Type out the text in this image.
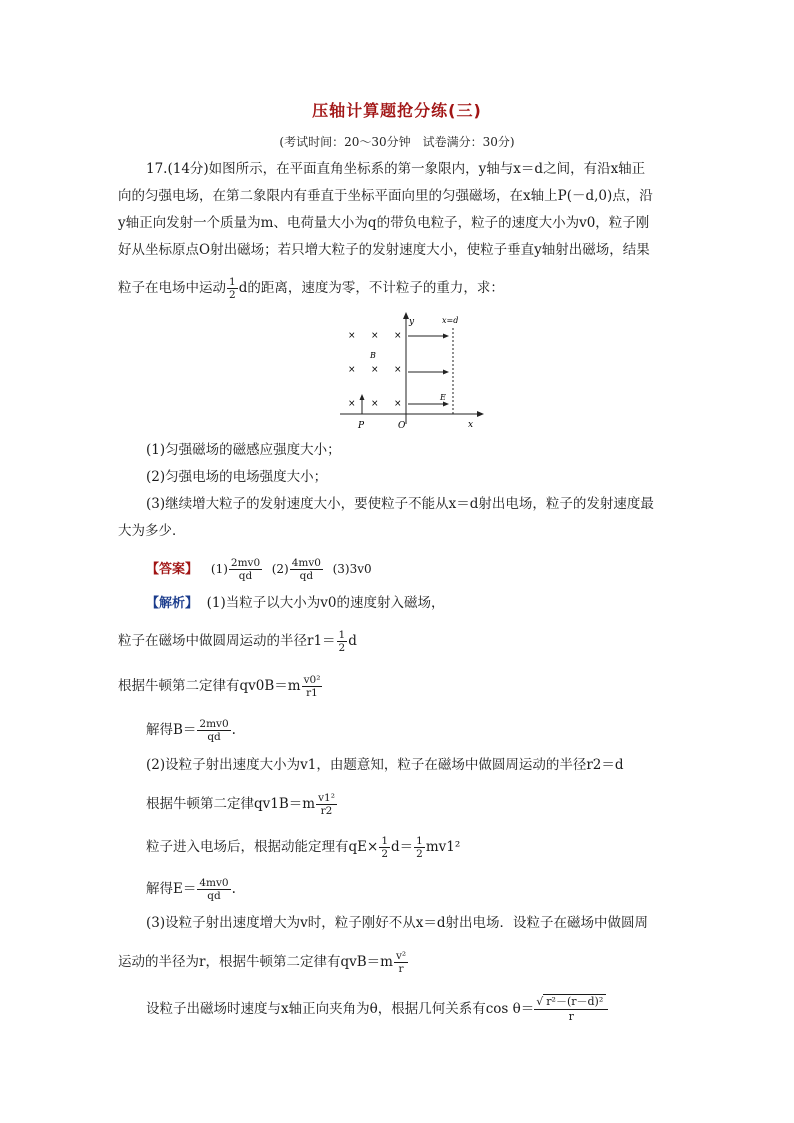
压轴计算题抢分练(三)
(考试时间：20～30分钟　试卷满分：30分)
17.(14分)如图所示，在平面直角坐标系的第一象限内，y轴与x＝d之间，有沿x轴正
向的匀强电场，在第二象限内有垂直于坐标平面向里的匀强磁场，在x轴上P(－d,0)点，沿
y轴正向发射一个质量为m、电荷量大小为q的带负电粒子，粒子的速度大小为v0，粒子刚
好从坐标原点O射出磁场；若只增大粒子的发射速度大小，使粒子垂直y轴射出磁场，结果
粒子在电场中运动 $\frac{1}{2}$ d的距离，速度为零，不计粒子的重力，求：
y
x
x=d
B
E
P	O
× × ×
× × ×
× × ×
(1)匀强磁场的磁感应强度大小；
(2)匀强电场的电场强度大小；
(3)继续增大粒子的发射速度大小，要使粒子不能从x＝d射出电场，粒子的发射速度最
大为多少．
【答案】 $(1) \frac{2mv0}{qd} (2) \frac{4mv0}{qd} (3)3v0$
【解析】 (1)当粒子以大小为v0的速度射入磁场，
粒子在磁场中做圆周运动的半径$r1= \frac{1}{2}$ d
根据牛顿第二定律有$qv0B=m \frac{\text{v0²}}{r1}$
解得$B= \frac{2mv0}{qd}$ .
(2)设粒子射出速度大小为v1，由题意知，粒子在磁场中做圆周运动的半径r2＝d
根据牛顿第二定律$qv1B=m \frac{\text{v1²}}{r2}$
粒子进入电场后，根据动能定理有$qE\times \frac{1}{2} d= \frac{1}{2} mv1^2$
解得$E= \frac{4mv0}{qd}$ .
(3)设粒子射出速度增大为v时，粒子刚好不从x＝d射出电场．设粒子在磁场中做圆周
运动的半径为r，根据牛顿第二定律有$qvB=m \frac{\text{v²}}{r}$
设粒子出磁场时速度与x轴正向夹角为θ，根据几何关系有$\cos \theta= \frac{\text{√ r²－(r－d)²}}{r}$
